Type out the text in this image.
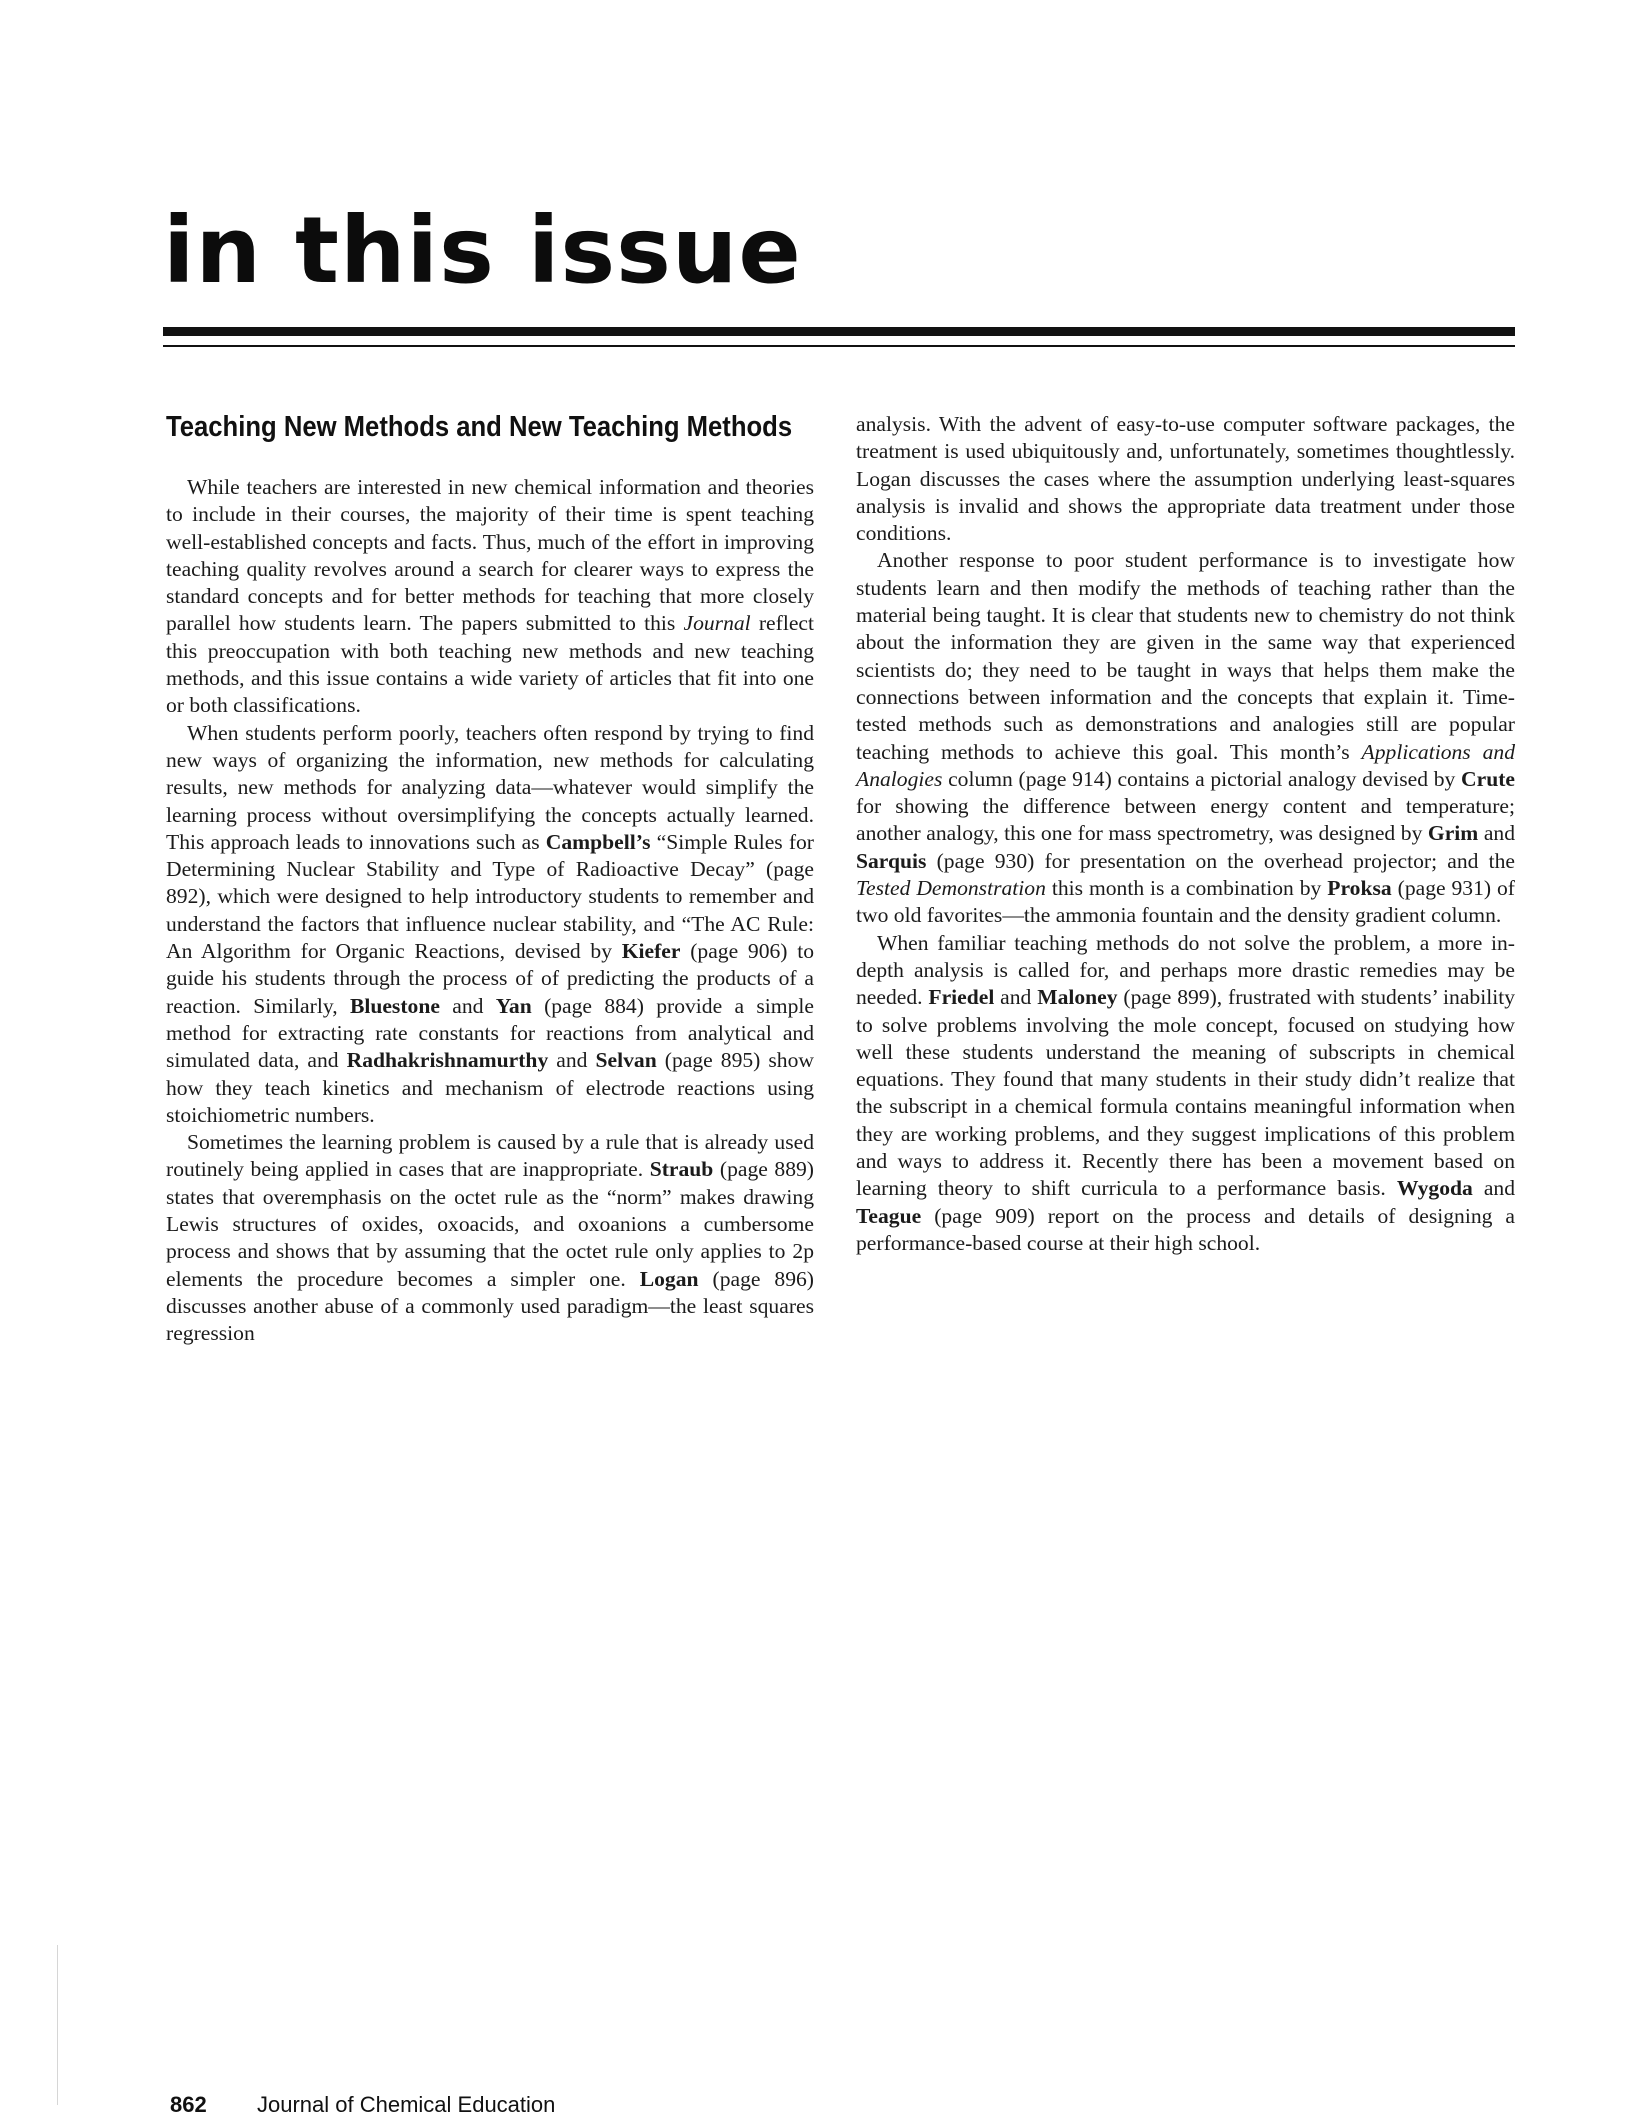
in this issue
Teaching New Methods and New Teaching Methods

While teachers are interested in new chemical information and theories to include in their courses, the majority of their time is spent teaching well-established concepts and facts. Thus, much of the effort in improving teaching quality revolves around a search for clearer ways to express the standard concepts and for better methods for teaching that more closely parallel how students learn. The papers submitted to this Journal reflect this preoccupation with both teaching new methods and new teaching methods, and this issue contains a wide variety of articles that fit into one or both classifications.

When students perform poorly, teachers often respond by trying to find new ways of organizing the information, new methods for calculating results, new methods for analyzing data—whatever would simplify the learning process without oversimplifying the concepts actually learned. This approach leads to innovations such as Campbell’s “Simple Rules for Determining Nuclear Stability and Type of Radioactive Decay” (page 892), which were designed to help introductory students to remember and understand the factors that influence nuclear stability, and “The AC Rule: An Algorithm for Organic Reactions, devised by Kiefer (page 906) to guide his students through the process of of predicting the products of a reaction. Similarly, Bluestone and Yan (page 884) provide a simple method for extracting rate constants for reactions from analytical and simulated data, and Radhakrishnamurthy and Selvan (page 895) show how they teach kinetics and mechanism of electrode reactions using stoichiometric numbers.

Sometimes the learning problem is caused by a rule that is already used routinely being applied in cases that are inappropriate. Straub (page 889) states that overemphasis on the octet rule as the “norm” makes drawing Lewis structures of oxides, oxoacids, and oxoanions a cumbersome process and shows that by assuming that the octet rule only applies to 2p elements the procedure becomes a simpler one. Logan (page 896) discusses another abuse of a commonly used paradigm—the least squares regression

analysis. With the advent of easy-to-use computer software packages, the treatment is used ubiquitously and, unfortunately, sometimes thoughtlessly. Logan discusses the cases where the assumption underlying least-squares analysis is invalid and shows the appropriate data treatment under those conditions.

Another response to poor student performance is to investigate how students learn and then modify the methods of teaching rather than the material being taught. It is clear that students new to chemistry do not think about the information they are given in the same way that experienced scientists do; they need to be taught in ways that helps them make the connections between information and the concepts that explain it. Time-tested methods such as demonstrations and analogies still are popular teaching methods to achieve this goal. This month’s Applications and Analogies column (page 914) contains a pictorial analogy devised by Crute for showing the difference between energy content and temperature; another analogy, this one for mass spectrometry, was designed by Grim and Sarquis (page 930) for presentation on the overhead projector; and the Tested Demonstration this month is a combination by Proksa (page 931) of two old favorites—the ammonia fountain and the density gradient column.

When familiar teaching methods do not solve the problem, a more in-depth analysis is called for, and perhaps more drastic remedies may be needed. Friedel and Maloney (page 899), frustrated with students’ inability to solve problems involving the mole concept, focused on studying how well these students understand the meaning of subscripts in chemical equations. They found that many students in their study didn’t realize that the subscript in a chemical formula contains meaningful information when they are working problems, and they suggest implications of this problem and ways to address it. Recently there has been a movement based on learning theory to shift curricula to a performance basis. Wygoda and Teague (page 909) report on the process and details of designing a performance-based course at their high school.

862 Journal of Chemical Education
